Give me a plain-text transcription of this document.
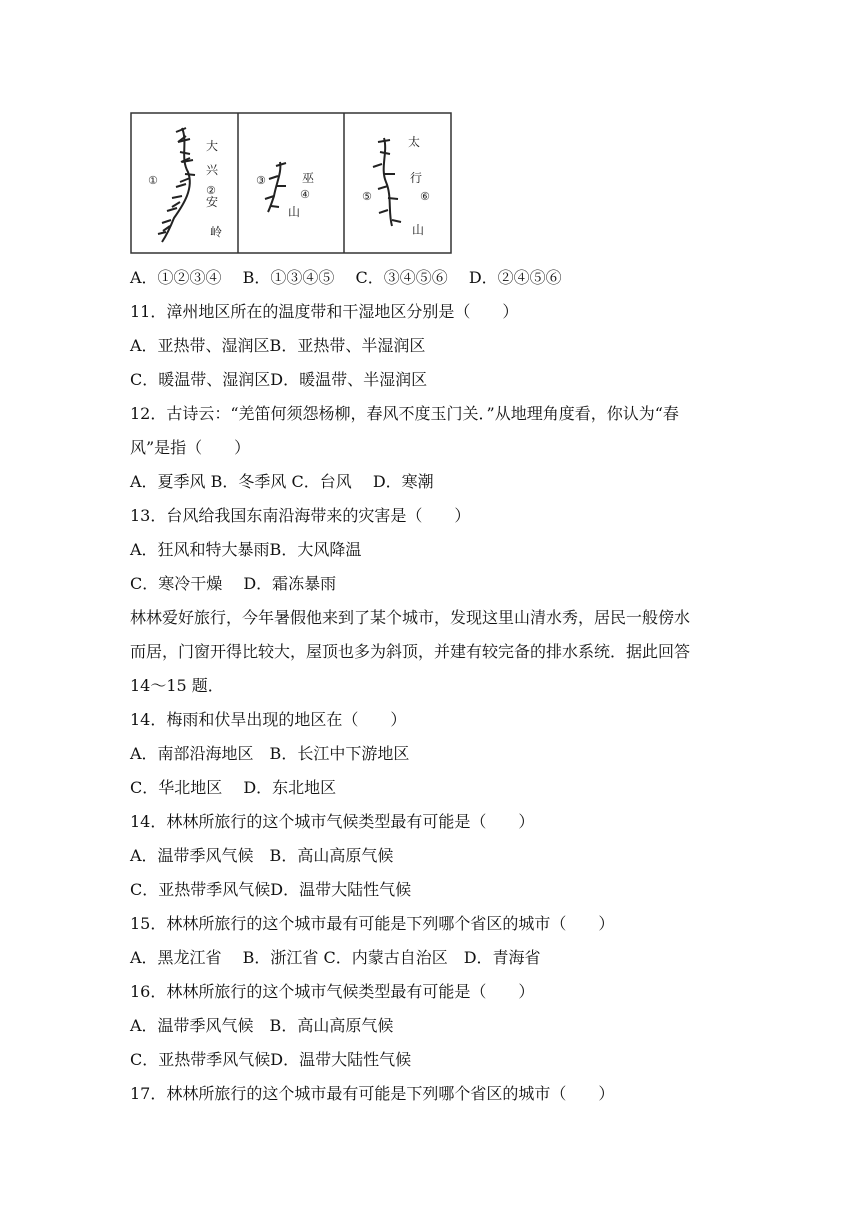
①
②
大
兴
安
岭
③
④
巫
山
⑤	⑥
太
行
山
A．①②③④　 B．①③④⑤　 C．③④⑤⑥　 D．②④⑤⑥
11．漳州地区所在的温度带和干湿地区分别是（　　）
A．亚热带、湿润区B．亚热带、半湿润区
C．暖温带、湿润区D．暖温带、半湿润区
12．古诗云：“羌笛何须怨杨柳，春风不度玉门关．”从地理角度看，你认为“春
风”是指（　　）
A．夏季风 B．冬季风 C．台风　 D．寒潮
13．台风给我国东南沿海带来的灾害是（　　）
A．狂风和特大暴雨B．大风降温
C．寒冷干燥　 D．霜冻暴雨
林林爱好旅行，今年暑假他来到了某个城市，发现这里山清水秀，居民一般傍水
而居，门窗开得比较大，屋顶也多为斜顶，并建有较完备的排水系统．据此回答
14～15 题．
14．梅雨和伏旱出现的地区在（　　）
A．南部沿海地区　B．长江中下游地区
C．华北地区　 D．东北地区
14．林林所旅行的这个城市气候类型最有可能是（　　）
A．温带季风气候　B．高山高原气候
C．亚热带季风气候D．温带大陆性气候
15．林林所旅行的这个城市最有可能是下列哪个省区的城市（　　）
A．黑龙江省　 B．浙江省 C．内蒙古自治区　D．青海省
16．林林所旅行的这个城市气候类型最有可能是（　　）
A．温带季风气候　B．高山高原气候
C．亚热带季风气候D．温带大陆性气候
17．林林所旅行的这个城市最有可能是下列哪个省区的城市（　　）
